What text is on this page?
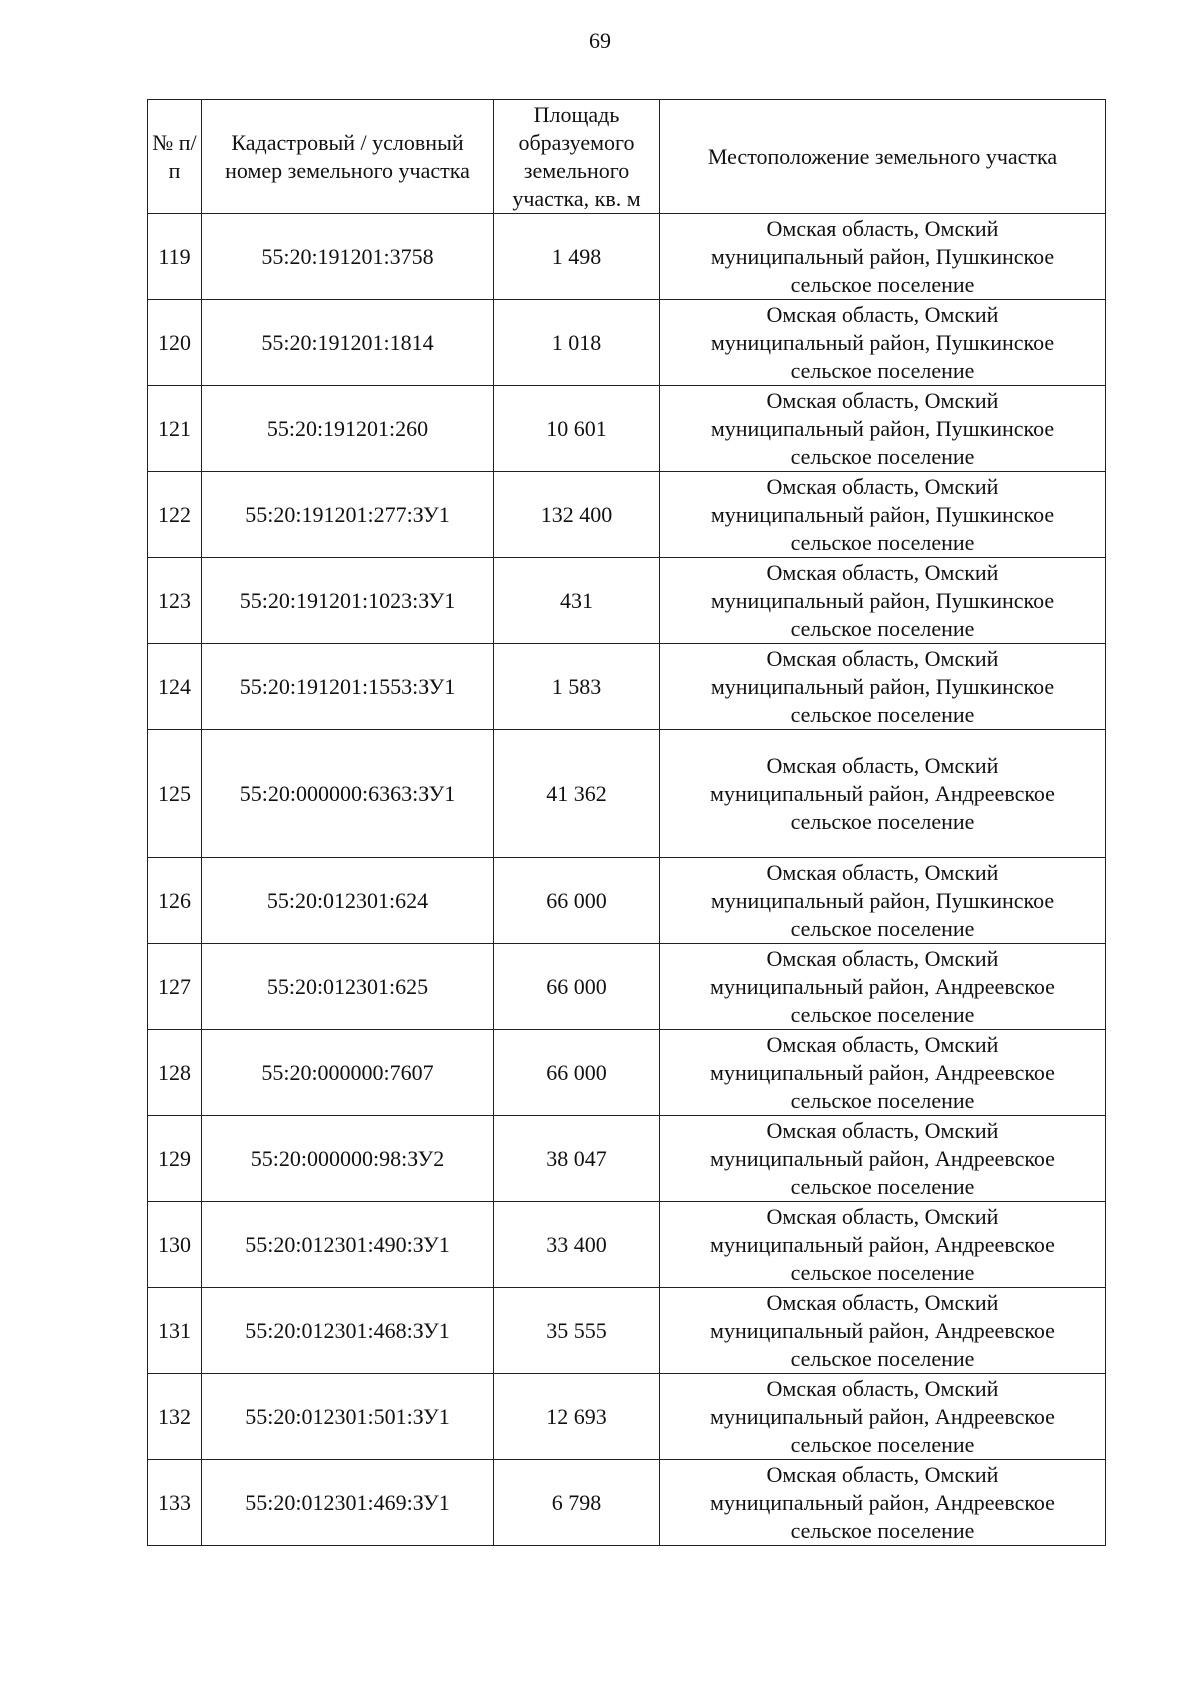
69
№ п/п	Кадастровый / условный номер земельного участка	Площадь образуемого земельного участка, кв. м	Местоположение земельного участка
119	55:20:191201:3758	1 498	Омская область, Омский
муниципальный район, Пушкинское
сельское поселение

120	55:20:191201:1814	1 018	Омская область, Омский
муниципальный район, Пушкинское
сельское поселение

121	55:20:191201:260	10 601	Омская область, Омский
муниципальный район, Пушкинское
сельское поселение

122	55:20:191201:277:ЗУ1	132 400	Омская область, Омский
муниципальный район, Пушкинское
сельское поселение

123	55:20:191201:1023:ЗУ1	431	Омская область, Омский
муниципальный район, Пушкинское
сельское поселение

124	55:20:191201:1553:ЗУ1	1 583	Омская область, Омский
муниципальный район, Пушкинское
сельское поселение

125	55:20:000000:6363:ЗУ1	41 362	Омская область, Омский
муниципальный район, Андреевское
сельское поселение

126	55:20:012301:624	66 000	Омская область, Омский
муниципальный район, Пушкинское
сельское поселение

127	55:20:012301:625	66 000	Омская область, Омский
муниципальный район, Андреевское
сельское поселение

128	55:20:000000:7607	66 000	Омская область, Омский
муниципальный район, Андреевское
сельское поселение

129	55:20:000000:98:ЗУ2	38 047	Омская область, Омский
муниципальный район, Андреевское
сельское поселение

130	55:20:012301:490:ЗУ1	33 400	Омская область, Омский
муниципальный район, Андреевское
сельское поселение

131	55:20:012301:468:ЗУ1	35 555	Омская область, Омский
муниципальный район, Андреевское
сельское поселение

132	55:20:012301:501:ЗУ1	12 693	Омская область, Омский
муниципальный район, Андреевское
сельское поселение

133	55:20:012301:469:ЗУ1	6 798	Омская область, Омский
муниципальный район, Андреевское
сельское поселение
